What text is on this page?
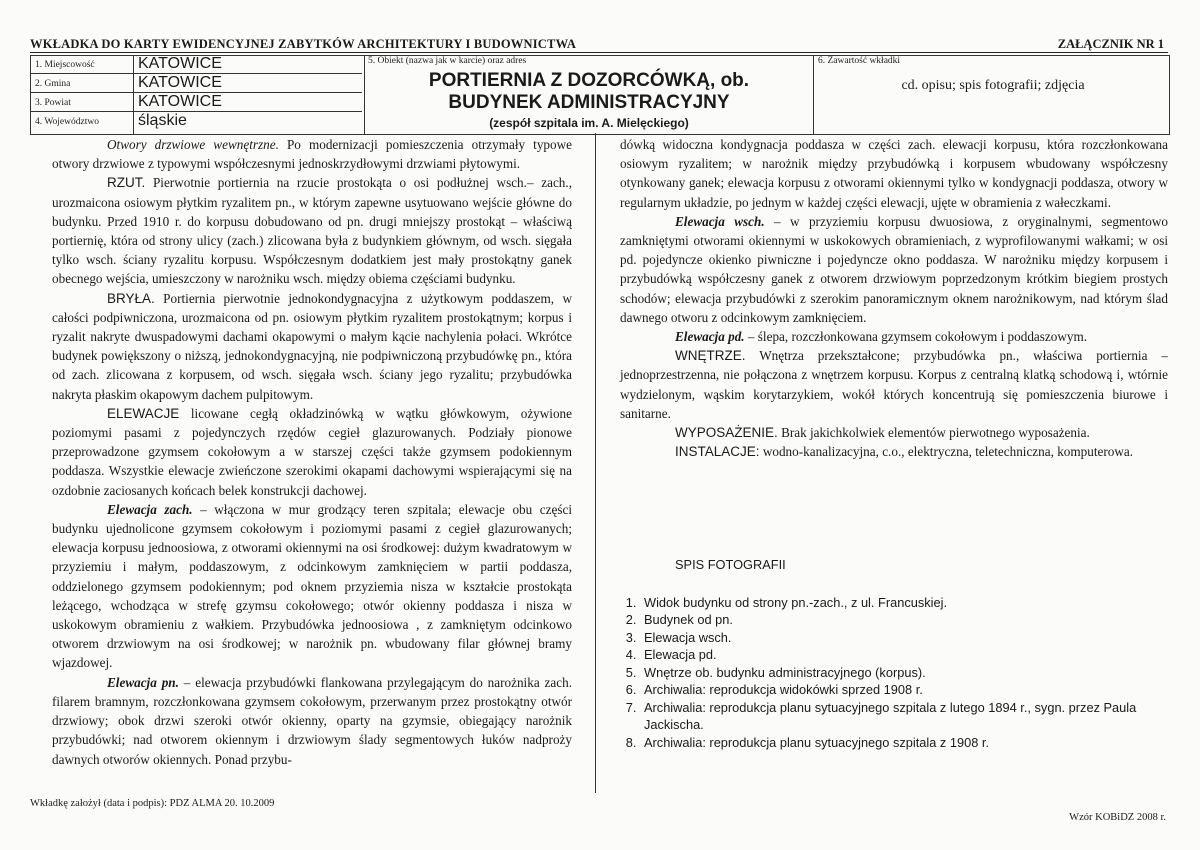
WKŁADKA DO KARTY EWIDENCYJNEJ ZABYTKÓW ARCHITEKTURY I BUDOWNICTWA	ZAŁĄCZNIK NR 1
1. Miejscowość	KATOWICE
2. Gmina	KATOWICE
3. Powiat	KATOWICE
4. Województwo śląskie
5. Obiekt (nazwa jak w karcie) oraz adres
PORTIERNIA Z DOZORCÓWKĄ, ob.
BUDYNEK ADMINISTRACYJNY
(zespół szpitala im. A. Mielęckiego)
6. Zawartość wkładki
cd. opisu; spis fotografii; zdjęcia

Otwory drzwiowe wewnętrzne. Po modernizacji pomieszczenia otrzymały typowe otwory drzwiowe z typowymi współczesnymi jednoskrzydłowymi drzwiami płytowymi.

RZUT. Pierwotnie portiernia na rzucie prostokąta o osi podłużnej wsch.– zach., urozmaicona osiowym płytkim ryzalitem pn., w którym zapewne usytuowano wejście główne do budynku. Przed 1910 r. do korpusu dobudowano od pn. drugi mniejszy prostokąt – właściwą portiernię, która od strony ulicy (zach.) zlicowana była z budynkiem głównym, od wsch. sięgała tylko wsch. ściany ryzalitu korpusu. Współczesnym dodatkiem jest mały prostokątny ganek obecnego wejścia, umieszczony w narożniku wsch. między obiema częściami budynku.

BRYŁA. Portiernia pierwotnie jednokondygnacyjna z użytkowym poddaszem, w całości podpiwniczona, urozmaicona od pn. osiowym płytkim ryzalitem prostokątnym; korpus i ryzalit nakryte dwuspadowymi dachami okapowymi o małym kącie nachylenia połaci. Wkrótce budynek powiększony o niższą, jednokondygnacyjną, nie podpiwniczoną przybudówkę pn., która od zach. zlicowana z korpusem, od wsch. sięgała wsch. ściany jego ryzalitu; przybudówka nakryta płaskim okapowym dachem pulpitowym.

ELEWACJE licowane cegłą okładzinówką w wątku główkowym, ożywione poziomymi pasami z pojedynczych rzędów cegieł glazurowanych. Podziały pionowe przeprowadzone gzymsem cokołowym a w starszej części także gzymsem podokiennym poddasza. Wszystkie elewacje zwieńczone szerokimi okapami dachowymi wspierającymi się na ozdobnie zaciosanych końcach belek konstrukcji dachowej.

Elewacja zach. – włączona w mur grodzący teren szpitala; elewacje obu części budynku ujednolicone gzymsem cokołowym i poziomymi pasami z cegieł glazurowanych; elewacja korpusu jednoosiowa, z otworami okiennymi na osi środkowej: dużym kwadratowym w przyziemiu i małym, poddaszowym, z odcinkowym zamknięciem w partii poddasza, oddzielonego gzymsem podokiennym; pod oknem przyziemia nisza w kształcie prostokąta leżącego, wchodząca w strefę gzymsu cokołowego; otwór okienny poddasza i nisza w uskokowym obramieniu z wałkiem. Przybudówka jednoosiowa , z zamkniętym odcinkowo otworem drzwiowym na osi środkowej; w narożnik pn. wbudowany filar głównej bramy wjazdowej.

Elewacja pn. – elewacja przybudówki flankowana przylegającym do narożnika zach. filarem bramnym, rozczłonkowana gzymsem cokołowym, przerwanym przez prostokątny otwór drzwiowy; obok drzwi szeroki otwór okienny, oparty na gzymsie, obiegający narożnik przybudówki; nad otworem okiennym i drzwiowym ślady segmentowych łuków nadproży dawnych otworów okiennych. Ponad przybu-

dówką widoczna kondygnacja poddasza w części zach. elewacji korpusu, która rozczłonkowana osiowym ryzalitem; w narożnik między przybudówką i korpusem wbudowany współczesny otynkowany ganek; elewacja korpusu z otworami okiennymi tylko w kondygnacji poddasza, otwory w regularnym układzie, po jednym w każdej części elewacji, ujęte w obramienia z wałeczkami.

Elewacja wsch. – w przyziemiu korpusu dwuosiowa, z oryginalnymi, segmentowo zamkniętymi otworami okiennymi w uskokowych obramieniach, z wyprofilowanymi wałkami; w osi pd. pojedyncze okienko piwniczne i pojedyncze okno poddasza. W narożniku między korpusem i przybudówką współczesny ganek z otworem drzwiowym poprzedzonym krótkim biegiem prostych schodów; elewacja przybudówki z szerokim panoramicznym oknem narożnikowym, nad którym ślad dawnego otworu z odcinkowym zamknięciem.

Elewacja pd. – ślepa, rozczłonkowana gzymsem cokołowym i poddaszowym.

WNĘTRZE. Wnętrza przekształcone; przybudówka pn., właściwa portiernia – jednoprzestrzenna, nie połączona z wnętrzem korpusu. Korpus z centralną klatką schodową i, wtórnie wydzielonym, wąskim korytarzykiem, wokół których koncentrują się pomieszczenia biurowe i sanitarne.

WYPOSAŻENIE. Brak jakichkolwiek elementów pierwotnego wyposażenia.

INSTALACJE: wodno-kanalizacyjna, c.o., elektryczna, teletechniczna, komputerowa.

SPIS FOTOGRAFII
1. Widok budynku od strony pn.-zach., z ul. Francuskiej.
2. Budynek od pn.
3. Elewacja wsch.
4. Elewacja pd.
5. Wnętrze ob. budynku administracyjnego (korpus).
6. Archiwalia: reprodukcja widokówki sprzed 1908 r.
7. Archiwalia: reprodukcja planu sytuacyjnego szpitala z lutego 1894 r., sygn. przez Paula Jackischa.
8. Archiwalia: reprodukcja planu sytuacyjnego szpitala z 1908 r.
Wkładkę założył (data i podpis): PDZ ALMA 20. 10.2009
Wzór KOBiDZ 2008 r.
